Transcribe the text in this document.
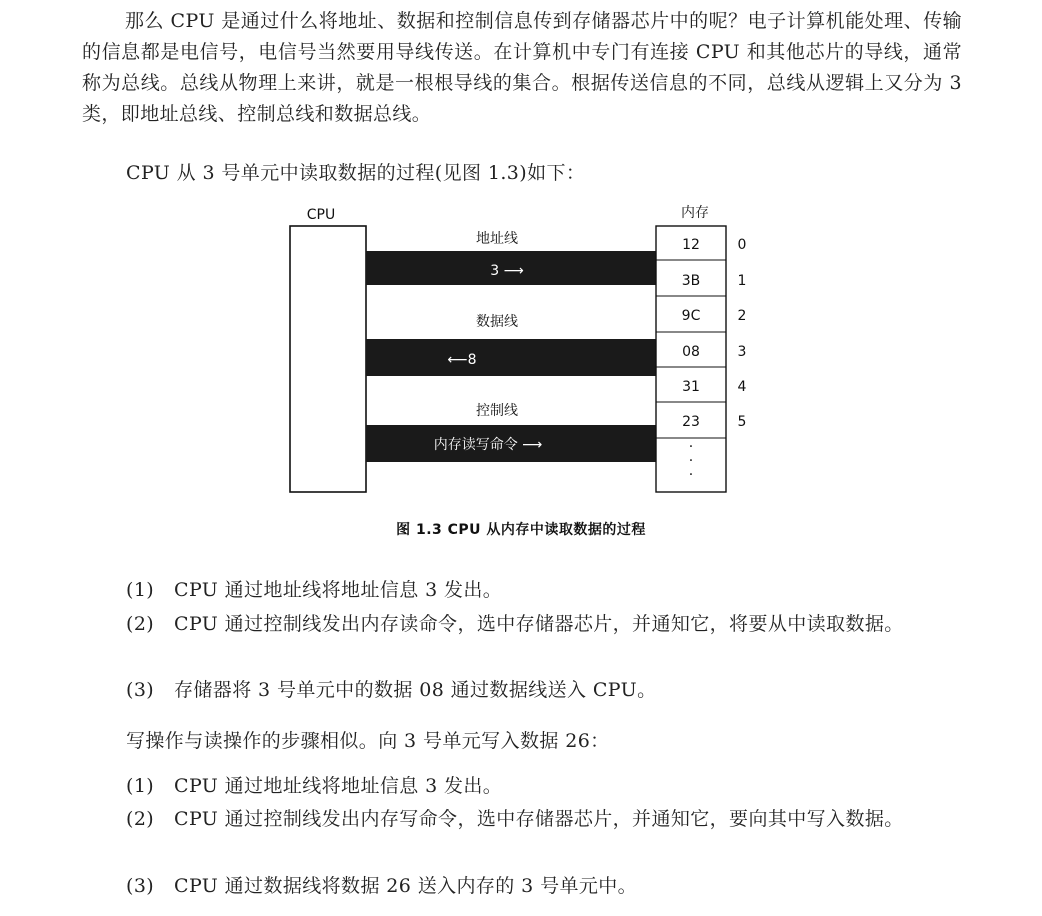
那么 CPU 是通过什么将地址、数据和控制信息传到存储器芯片中的呢？电子计算机能处理、传输的信息都是电信号，电信号当然要用导线传送。在计算机中专门有连接 CPU 和其他芯片的导线，通常称为总线。总线从物理上来讲，就是一根根导线的集合。根据传送信息的不同，总线从逻辑上又分为 3 类，即地址总线、控制总线和数据总线。
CPU 从 3 号单元中读取数据的过程(见图 1.3)如下：
CPU	内存
地址线
3 ⟶
数据线
⟵8
控制线
内存读写命令 ⟶
12
3B
9C
08
31
23
·
·
·
0
1
2
3
4
5
图 1.3 CPU 从内存中读取数据的过程
(1) CPU 通过地址线将地址信息 3 发出。
(2) CPU 通过控制线发出内存读命令，选中存储器芯片，并通知它，将要从中读取数据。
(3) 存储器将 3 号单元中的数据 08 通过数据线送入 CPU。
写操作与读操作的步骤相似。向 3 号单元写入数据 26：
(1) CPU 通过地址线将地址信息 3 发出。
(2) CPU 通过控制线发出内存写命令，选中存储器芯片，并通知它，要向其中写入数据。
(3) CPU 通过数据线将数据 26 送入内存的 3 号单元中。
